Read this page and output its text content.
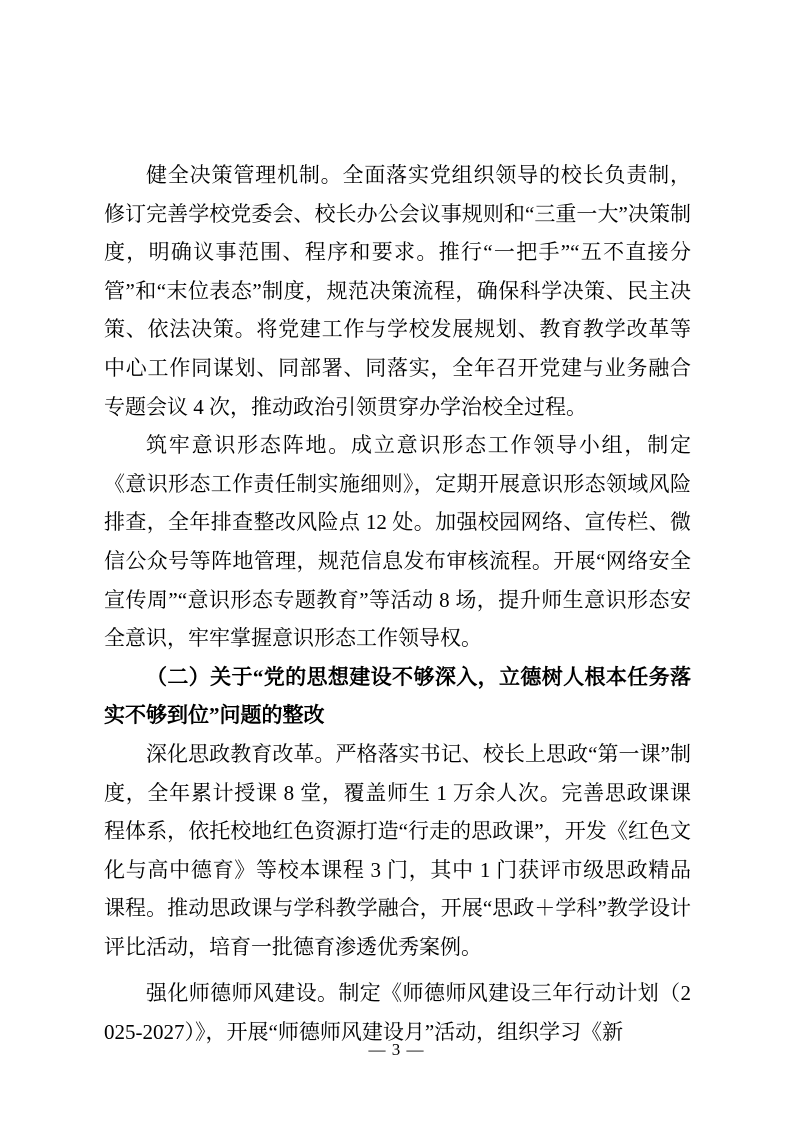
健全决策管理机制。全面落实党组织领导的校长负责制，修订完善学校党委会、校长办公会议事规则和“三重一大”决策制度，明确议事范围、程序和要求。推行“一把手”“五不直接分管”和“末位表态”制度，规范决策流程，确保科学决策、民主决策、依法决策。将党建工作与学校发展规划、教育教学改革等中心工作同谋划、同部署、同落实，全年召开党建与业务融合专题会议 4 次，推动政治引领贯穿办学治校全过程。

筑牢意识形态阵地。成立意识形态工作领导小组，制定《意识形态工作责任制实施细则》，定期开展意识形态领域风险排查，全年排查整改风险点 12 处。加强校园网络、宣传栏、微信公众号等阵地管理，规范信息发布审核流程。开展“网络安全宣传周”“意识形态专题教育”等活动 8 场，提升师生意识形态安全意识，牢牢掌握意识形态工作领导权。

（二）关于“党的思想建设不够深入，立德树人根本任务落实不够到位”问题的整改

深化思政教育改革。严格落实书记、校长上思政“第一课”制度，全年累计授课 8 堂，覆盖师生 1 万余人次。完善思政课课程体系，依托校地红色资源打造“行走的思政课”，开发《红色文化与高中德育》等校本课程 3 门，其中 1 门获评市级思政精品课程。推动思政课与学科教学融合，开展“思政＋学科”教学设计评比活动，培育一批德育渗透优秀案例。

强化师德师风建设。制定《师德师风建设三年行动计划（2025-2027）》，开展“师德师风建设月”活动，组织学习《新

— 3 —
